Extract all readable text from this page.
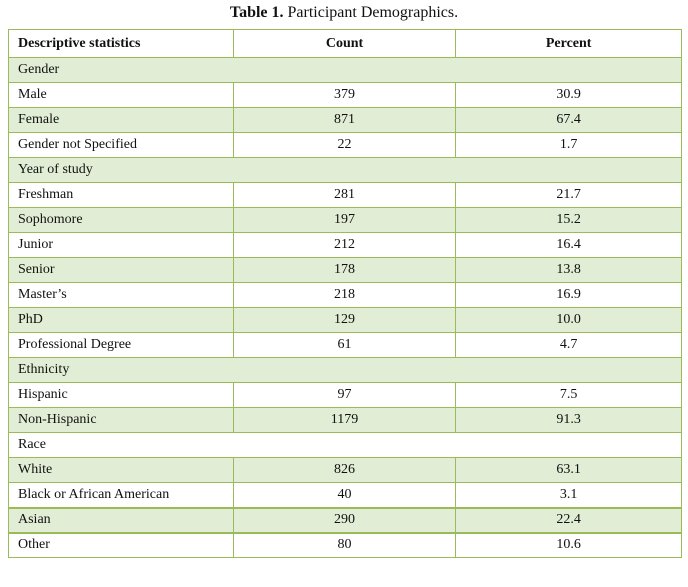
Table 1. Participant Demographics.
Descriptive statistics	Count	Percent
Gender		
Male	379	30.9
Female	871	67.4
Gender not Specified	22	1.7
Year of study		
Freshman	281	21.7
Sophomore	197	15.2
Junior	212	16.4
Senior	178	13.8
Master’s	218	16.9
PhD	129	10.0
Professional Degree	61	4.7
Ethnicity		
Hispanic	97	7.5
Non-Hispanic	1179	91.3
Race		
White	826	63.1
Black or African American	40	3.1
Asian	290	22.4
Other	80	10.6
